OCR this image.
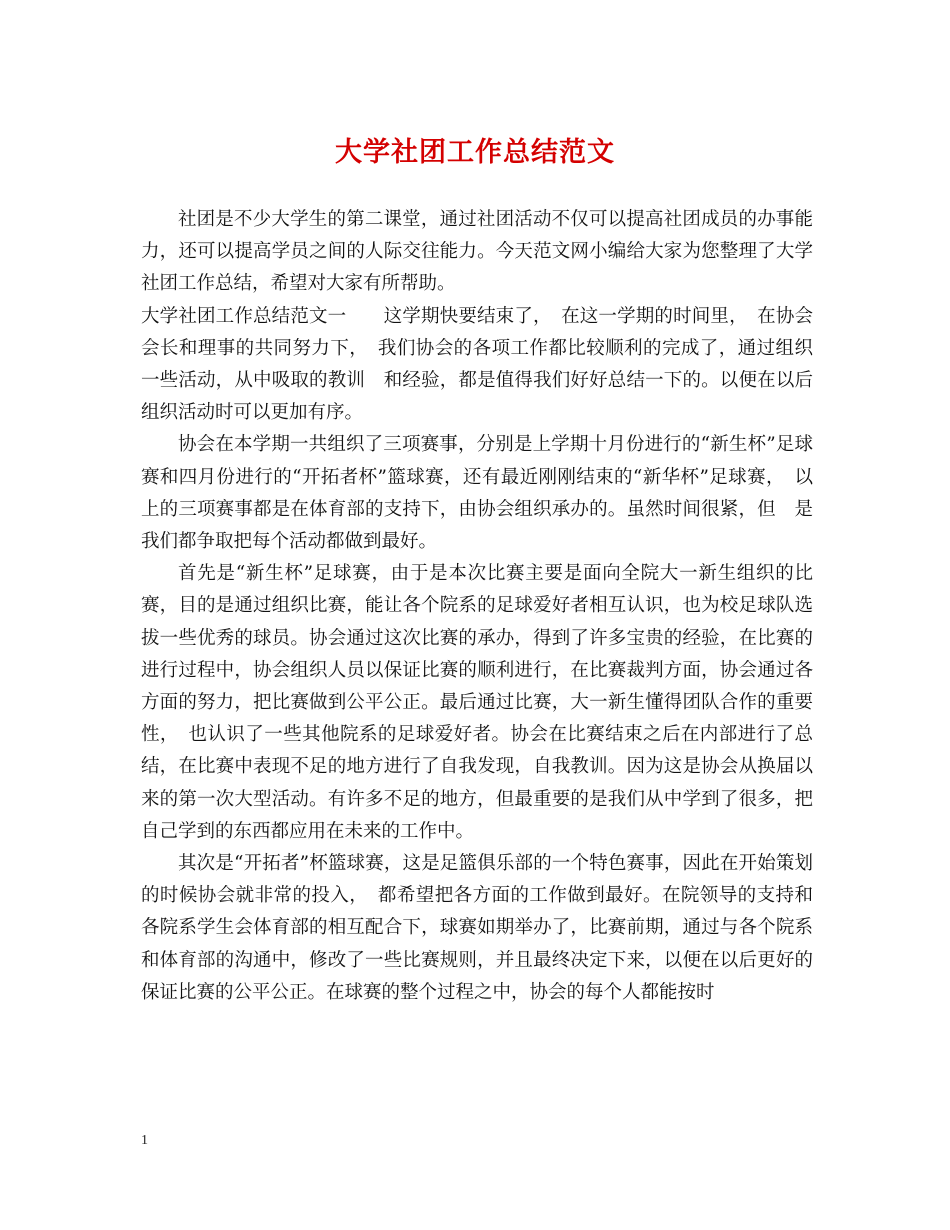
大学社团工作总结范文

社团是不少大学生的第二课堂，通过社团活动不仅可以提高社团成员的办事能力，还可以提高学员之间的人际交往能力。今天范文网小编给大家为您整理了大学社团工作总结，希望对大家有所帮助。

大学社团工作总结范文一　　这学期快要结束了，　在这一学期的时间里，　在协会会长和理事的共同努力下，　我们协会的各项工作都比较顺利的完成了，通过组织一些活动，从中吸取的教训　和经验，都是值得我们好好总结一下的。以便在以后组织活动时可以更加有序。

协会在本学期一共组织了三项赛事，分别是上学期十月份进行的“新生杯”足球　赛和四月份进行的“开拓者杯”篮球赛，还有最近刚刚结束的“新华杯”足球赛，　以上的三项赛事都是在体育部的支持下，由协会组织承办的。虽然时间很紧，但　是我们都争取把每个活动都做到最好。

首先是“新生杯”足球赛，由于是本次比赛主要是面向全院大一新生组织的比赛，目的是通过组织比赛，能让各个院系的足球爱好者相互认识，也为校足球队选拔一些优秀的球员。协会通过这次比赛的承办，得到了许多宝贵的经验，在比赛的进行过程中，协会组织人员以保证比赛的顺利进行，在比赛裁判方面，协会通过各方面的努力，把比赛做到公平公正。最后通过比赛，大一新生懂得团队合作的重要性，　也认识了一些其他院系的足球爱好者。协会在比赛结束之后在内部进行了总结，在比赛中表现不足的地方进行了自我发现，自我教训。因为这是协会从换届以来的第一次大型活动。有许多不足的地方，但最重要的是我们从中学到了很多，把自己学到的东西都应用在未来的工作中。

其次是“开拓者”杯篮球赛，这是足篮俱乐部的一个特色赛事，因此在开始策划的时候协会就非常的投入，　都希望把各方面的工作做到最好。在院领导的支持和各院系学生会体育部的相互配合下，球赛如期举办了，比赛前期，通过与各个院系和体育部的沟通中，修改了一些比赛规则，并且最终决定下来，以便在以后更好的保证比赛的公平公正。在球赛的整个过程之中，协会的每个人都能按时

1
